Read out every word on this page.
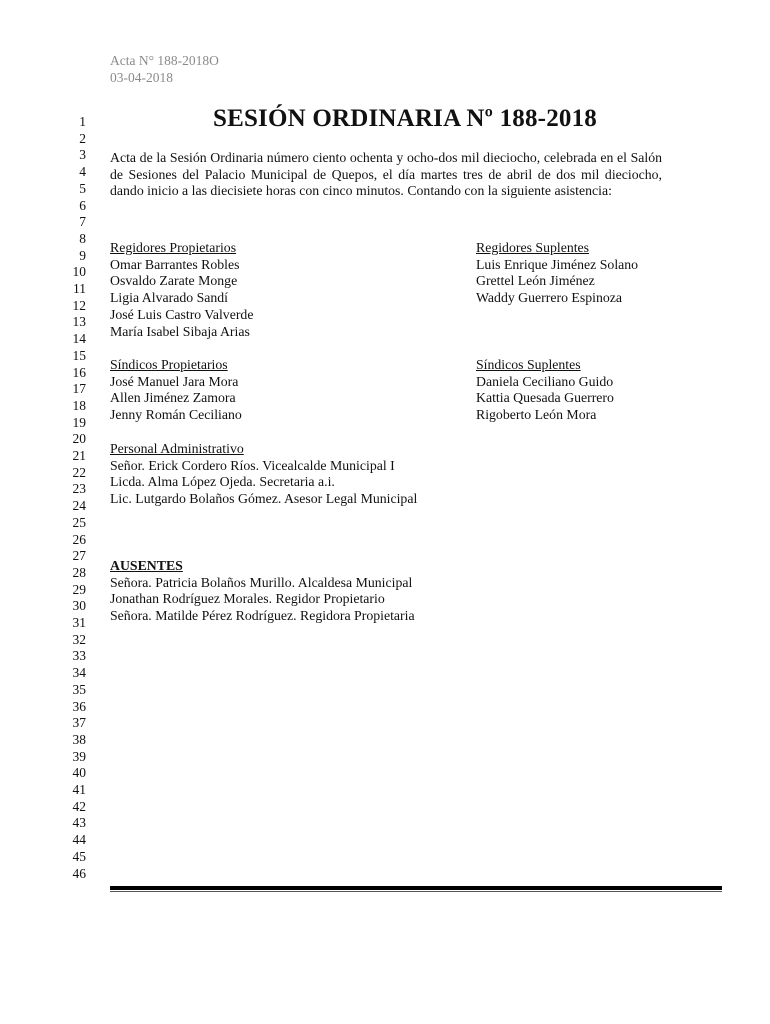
Acta N° 188-2018O
03-04-2018
1
2
3
4
5
6
7
8
9
10
11
12
13
14
15
16
17
18
19
20
21
22
23
24
25
26
27
28
29
30
31
32
33
34
35
36
37
38
39
40
41
42
43
44
45
46
SESIÓN ORDINARIA Nº 188-2018
Acta de la Sesión Ordinaria número ciento ochenta y ocho-dos mil dieciocho, celebrada en el Salón de Sesiones del Palacio Municipal de Quepos, el día martes tres de abril de dos mil dieciocho, dando inicio a las diecisiete horas con cinco minutos. Contando con la siguiente asistencia:
Regidores Propietarios
Omar Barrantes Robles
Osvaldo Zarate Monge
Ligia Alvarado Sandí
José Luis Castro Valverde
María Isabel Sibaja Arias
Regidores Suplentes
Luis Enrique Jiménez Solano
Grettel León Jiménez
Waddy Guerrero Espinoza
Síndicos Propietarios
José Manuel Jara Mora
Allen Jiménez Zamora
Jenny Román Ceciliano
Síndicos Suplentes
Daniela Ceciliano Guido
Kattia Quesada Guerrero
Rigoberto León Mora
Personal Administrativo
Señor. Erick Cordero Ríos. Vicealcalde Municipal I
Licda. Alma López Ojeda. Secretaria a.i.
Lic. Lutgardo Bolaños Gómez. Asesor Legal Municipal
AUSENTES
Señora. Patricia Bolaños Murillo. Alcaldesa Municipal
Jonathan Rodríguez Morales. Regidor Propietario
Señora. Matilde Pérez Rodríguez. Regidora Propietaria
